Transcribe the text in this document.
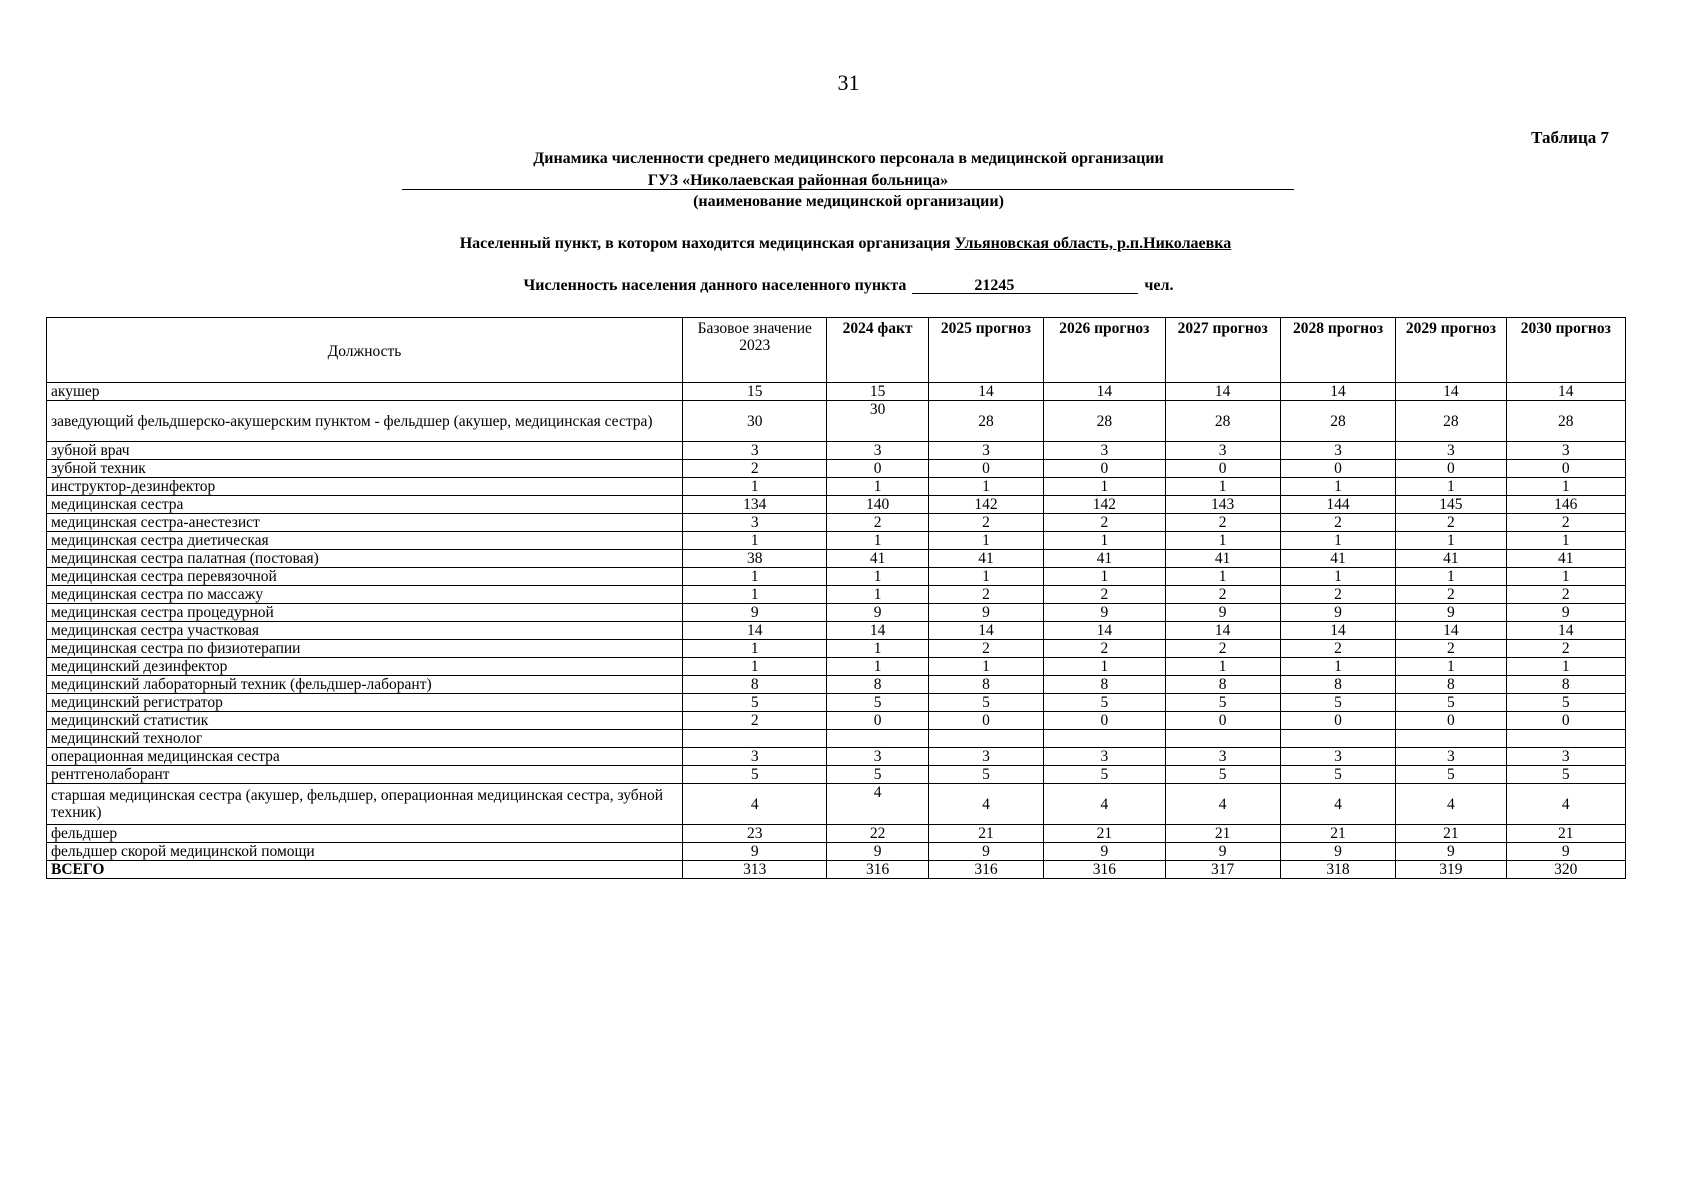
31
Таблица 7
Динамика численности среднего медицинского персонала в медицинской организации
ГУЗ «Николаевская районная больница»
(наименование медицинской организации)
Населенный пункт, в котором находится медицинская организация Ульяновская область, р.п.Николаевка
Численность населения данного населенного пункта	21245	чел.
Должность	Базовое значение 2023	2024 факт	2025 прогноз	2026 прогноз	2027 прогноз	2028 прогноз	2029 прогноз	2030 прогноз
акушер	15	15	14	14	14	14	14	14
заведующий фельдшерско-акушерским пунктом - фельдшер (акушер, медицинская сестра)	30	30	28	28	28	28	28	28
зубной врач	3	3	3	3	3	3	3	3
зубной техник	2	0	0	0	0	0	0	0
инструктор-дезинфектор	1	1	1	1	1	1	1	1
медицинская сестра	134	140	142	142	143	144	145	146
медицинская сестра-анестезист	3	2	2	2	2	2	2	2
медицинская сестра диетическая	1	1	1	1	1	1	1	1
медицинская сестра палатная (постовая)	38	41	41	41	41	41	41	41
медицинская сестра перевязочной	1	1	1	1	1	1	1	1
медицинская сестра по массажу	1	1	2	2	2	2	2	2
медицинская сестра процедурной	9	9	9	9	9	9	9	9
медицинская сестра участковая	14	14	14	14	14	14	14	14
медицинская сестра по физиотерапии	1	1	2	2	2	2	2	2
медицинский дезинфектор	1	1	1	1	1	1	1	1
медицинский лабораторный техник (фельдшер-лаборант)	8	8	8	8	8	8	8	8
медицинский регистратор	5	5	5	5	5	5	5	5
медицинский статистик	2	0	0	0	0	0	0	0
медицинский технолог								
операционная медицинская сестра	3	3	3	3	3	3	3	3
рентгенолаборант	5	5	5	5	5	5	5	5
старшая медицинская сестра (акушер, фельдшер, операционная медицинская сестра, зубной техник)	4	4	4	4	4	4	4	4
фельдшер	23	22	21	21	21	21	21	21
фельдшер скорой медицинской помощи	9	9	9	9	9	9	9	9
ВСЕГО	313	316	316	316	317	318	319	320
